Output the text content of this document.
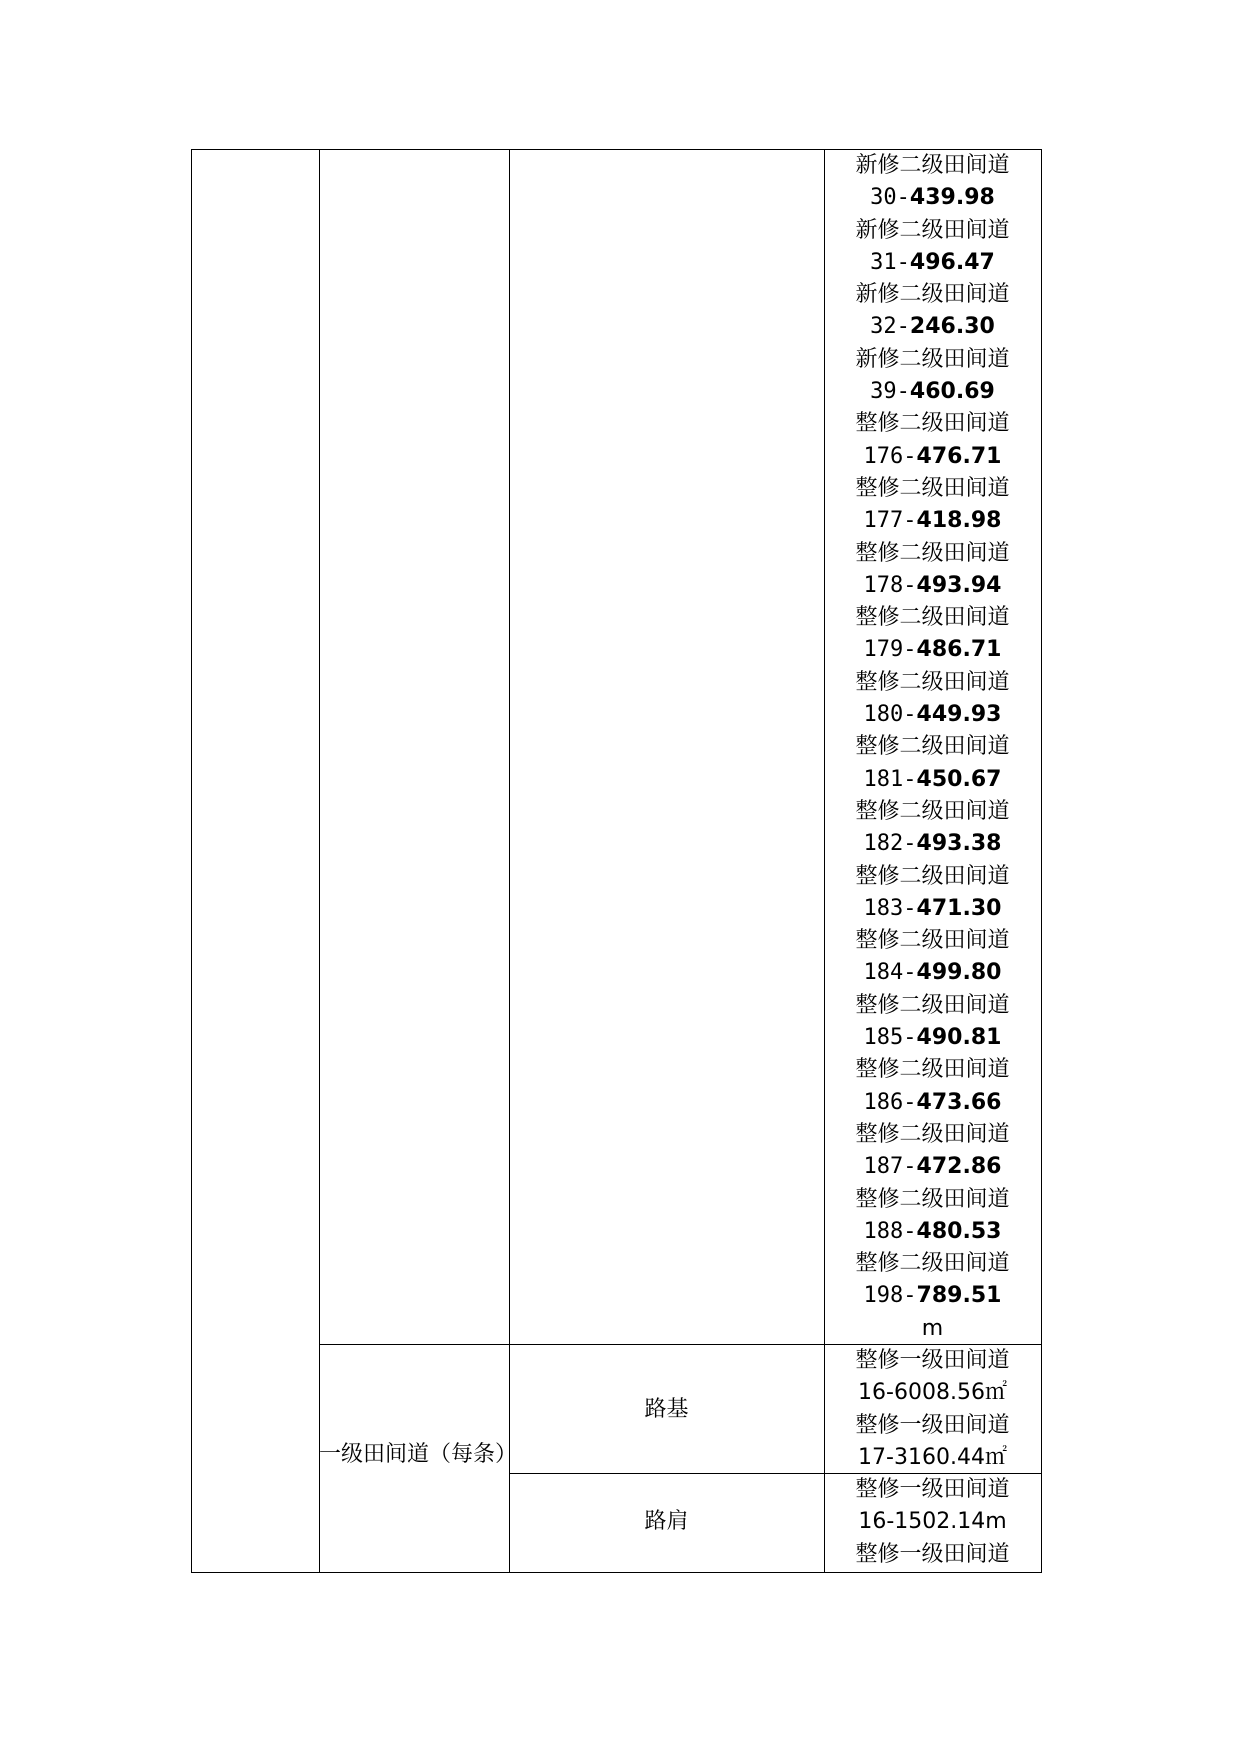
新修二级田间道
30-439.98
新修二级田间道
31-496.47
新修二级田间道
32-246.30
新修二级田间道
39-460.69
整修二级田间道
176-476.71
整修二级田间道
177-418.98
整修二级田间道
178-493.94
整修二级田间道
179-486.71
整修二级田间道
180-449.93
整修二级田间道
181-450.67
整修二级田间道
182-493.38
整修二级田间道
183-471.30
整修二级田间道
184-499.80
整修二级田间道
185-490.81
整修二级田间道
186-473.66
整修二级田间道
187-472.86
整修二级田间道
188-480.53
整修二级田间道
198-789.51
m
一级田间道（每条）
路基
整修一级田间道
16-6008.56㎡
整修一级田间道
17-3160.44㎡
路肩
整修一级田间道
16-1502.14m
整修一级田间道
